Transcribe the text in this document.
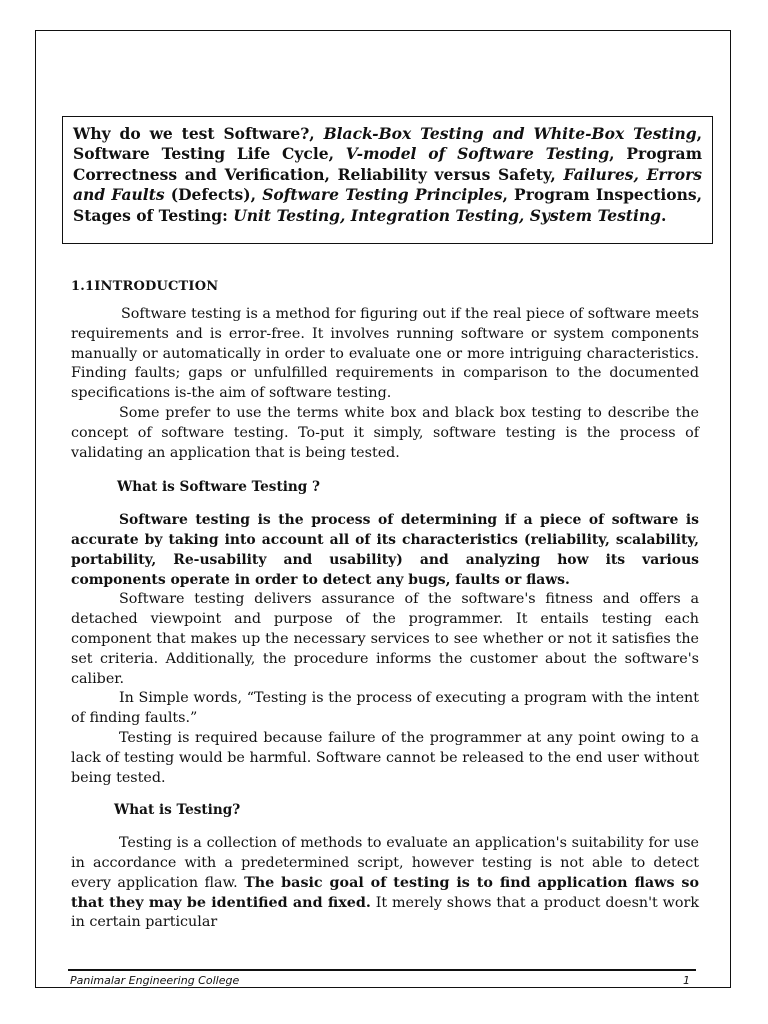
Why do we test Software?, Black-Box Testing and White-Box Testing, Software Testing Life Cycle, V-model of Software Testing, Program Correctness and Verification, Reliability versus Safety, Failures, Errors and Faults (Defects), Software Testing Principles, Program Inspections, Stages of Testing: Unit Testing, Integration Testing, System Testing.
1.1INTRODUCTION

Software testing is a method for figuring out if the real piece of software meets requirements and is error-free. It involves running software or system components manually or automatically in order to evaluate one or more intriguing characteristics. Finding faults; gaps or unfulfilled requirements in comparison to the documented specifications is-the aim of software testing.

Some prefer to use the terms white box and black box testing to describe the concept of software testing. To-put it simply, software testing is the process of validating an application that is being tested.

What is Software Testing ?

Software testing is the process of determining if a piece of software is accurate by taking into account all of its characteristics (reliability, scalability, portability, Re-usability and usability) and analyzing how its various components operate in order to detect any bugs, faults or flaws.

Software testing delivers assurance of the software's fitness and offers a detached viewpoint and purpose of the programmer. It entails testing each component that makes up the necessary services to see whether or not it satisfies the set criteria. Additionally, the procedure informs the customer about the software's caliber.

In Simple words, “Testing is the process of executing a program with the intent of finding faults.”

Testing is required because failure of the programmer at any point owing to a lack of testing would be harmful. Software cannot be released to the end user without being tested.

What is Testing?

Testing is a collection of methods to evaluate an application's suitability for use in accordance with a predetermined script, however testing is not able to detect every application flaw. The basic goal of testing is to find application flaws so that they may be identified and fixed. It merely shows that a product doesn't work in certain particular

Panimalar Engineering College	1
